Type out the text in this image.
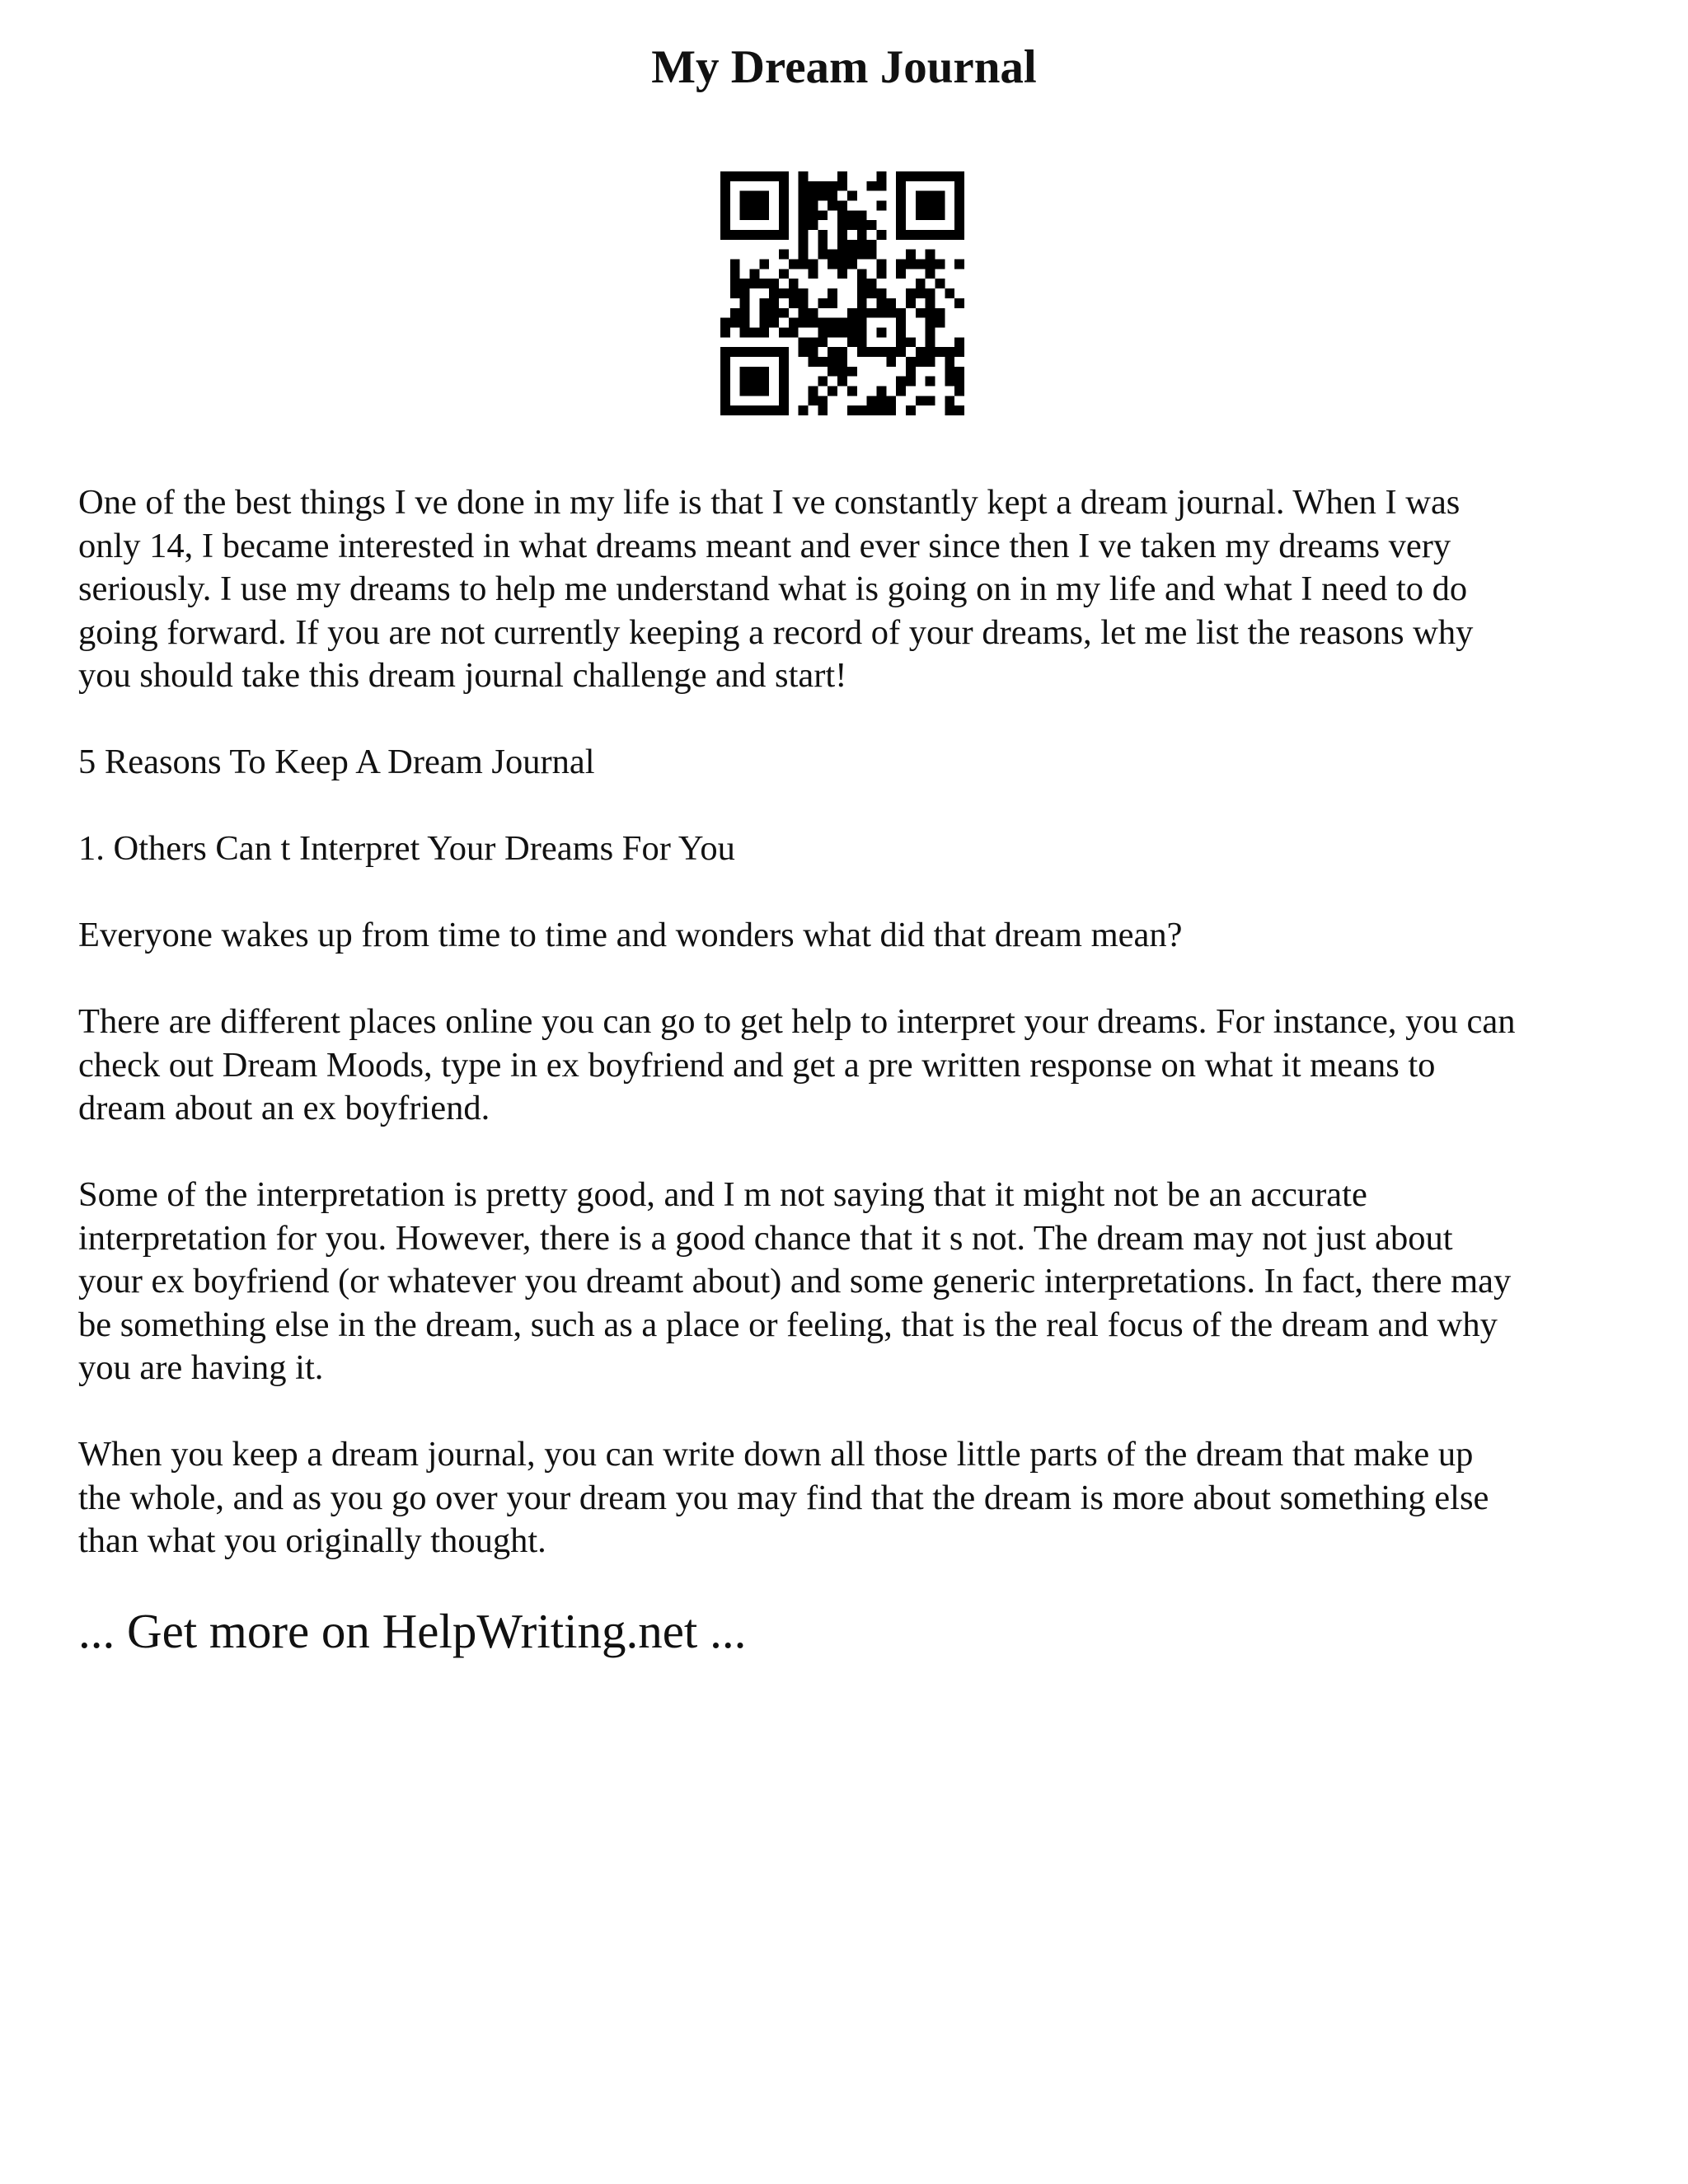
My Dream Journal

One of the best things I ve done in my life is that I ve constantly kept a dream journal. When I was
only 14, I became interested in what dreams meant and ever since then I ve taken my dreams very
seriously. I use my dreams to help me understand what is going on in my life and what I need to do
going forward. If you are not currently keeping a record of your dreams, let me list the reasons why
you should take this dream journal challenge and start!

5 Reasons To Keep A Dream Journal

1. Others Can t Interpret Your Dreams For You

Everyone wakes up from time to time and wonders what did that dream mean?

There are different places online you can go to get help to interpret your dreams. For instance, you can
check out Dream Moods, type in ex boyfriend and get a pre written response on what it means to
dream about an ex boyfriend.

Some of the interpretation is pretty good, and I m not saying that it might not be an accurate
interpretation for you. However, there is a good chance that it s not. The dream may not just about
your ex boyfriend (or whatever you dreamt about) and some generic interpretations. In fact, there may
be something else in the dream, such as a place or feeling, that is the real focus of the dream and why
you are having it.

When you keep a dream journal, you can write down all those little parts of the dream that make up
the whole, and as you go over your dream you may find that the dream is more about something else
than what you originally thought.

... Get more on HelpWriting.net ...
